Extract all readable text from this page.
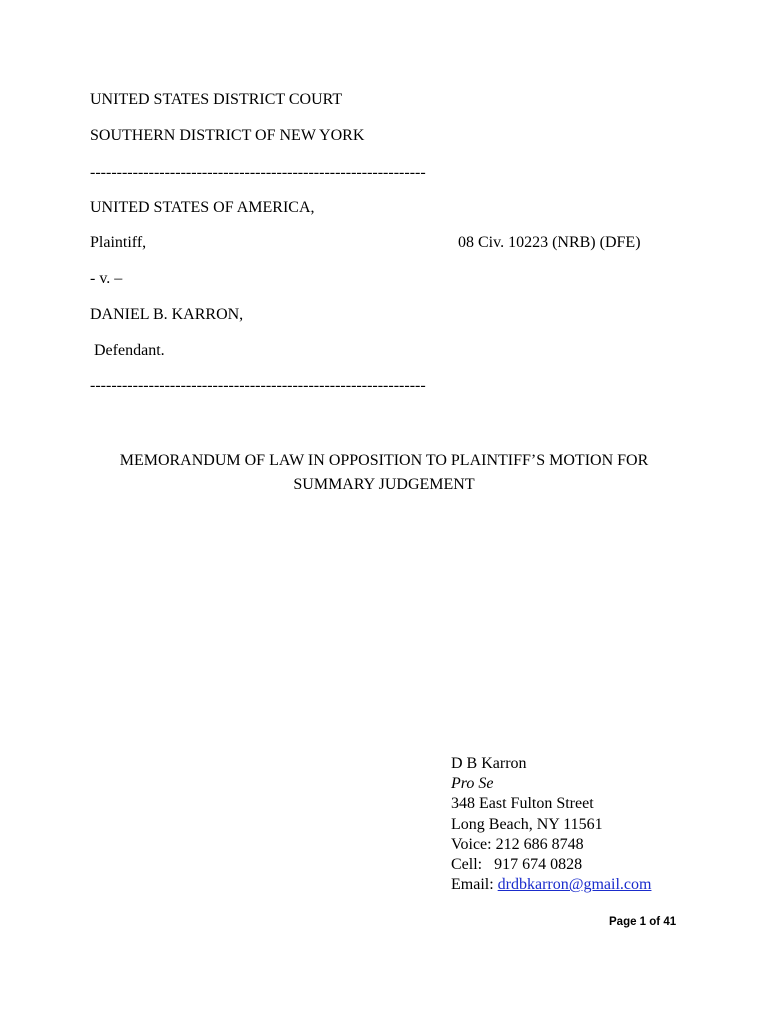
UNITED STATES DISTRICT COURT
SOUTHERN DISTRICT OF NEW YORK
---------------------------------------------------------------
UNITED STATES OF AMERICA,
Plaintiff,	08 Civ. 10223 (NRB) (DFE)
- v. –
DANIEL B. KARRON,
Defendant.
---------------------------------------------------------------
MEMORANDUM OF LAW IN OPPOSITION TO PLAINTIFF’S MOTION FOR
SUMMARY JUDGEMENT
D B Karron
Pro Se
348 East Fulton Street
Long Beach, NY 11561
Voice: 212 686 8748
Cell: 917 674 0828
Email: drdbkarron@gmail.com
Page 1 of 41
